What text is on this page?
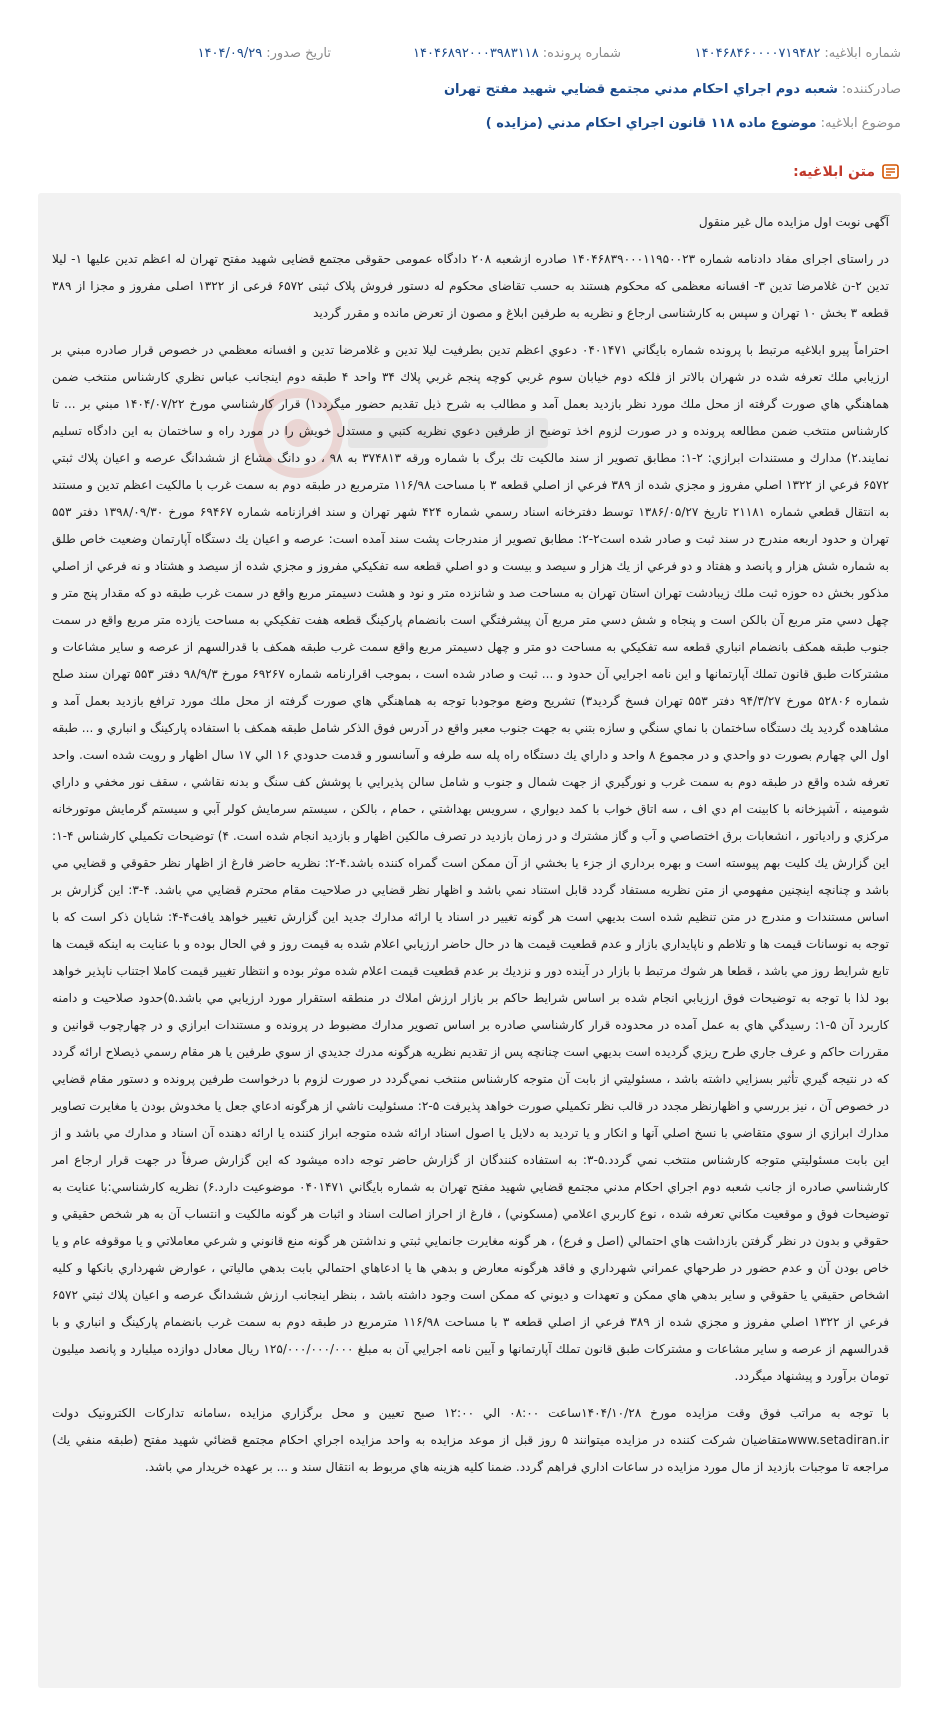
شماره ابلاغیه:
۱۴۰۴۶۸۴۶۰۰۰۰۷۱۹۴۸۲
شماره پرونده:
۱۴۰۴۶۸۹۲۰۰۰۳۹۸۳۱۱۸
تاریخ صدور:
۱۴۰۴/۰۹/۲۹
صادرکننده:
شعبه دوم اجراي احكام مدني مجتمع قضايي شهيد مفتح تهران
موضوع ابلاغیه:
موضوع ماده ۱۱۸ قانون اجراي احكام مدني (مزايده )
متن ابلاغیه:

آگهی نوبت اول مزایده مال غیر منقول

در راستای اجرای مفاد دادنامه شماره ۱۴۰۴۶۸۳۹۰۰۰۱۱۹۵۰۰۲۳ صادره ازشعبه ۲۰۸ دادگاه عمومی حقوقی مجتمع قضایی شهید مفتح تهران له اعظم تدین علیها ۱- لیلا تدین ۲-ن غلامرضا تدین ۳- افسانه معظمی که محکوم هستند به حسب تقاضای محکوم له دستور فروش پلاک ثبتی ۶۵۷۲ فرعی از ۱۳۲۲ اصلی مفروز و مجزا از ۳۸۹ قطعه ۳ بخش ۱۰ تهران و سپس به کارشناسی ارجاع و نظریه به طرفین ابلاغ و مصون از تعرض مانده و مقرر گردید

احتراماً پيرو ابلاغيه مرتبط با پرونده شماره بايگاني ۰۴۰۱۴۷۱ دعوي اعظم تدين بطرفيت ليلا تدين و غلامرضا تدين و افسانه معظمي در خصوص قرار صادره مبني بر ارزيابي ملك تعرفه شده در شهران بالاتر از فلكه دوم خيابان سوم غربي كوچه پنجم غربي پلاك ۳۴ واحد ۴ طبقه دوم اينجانب عباس نظري كارشناس منتخب ضمن هماهنگي هاي صورت گرفته از محل ملك مورد نظر بازديد بعمل آمد و مطالب به شرح ذيل تقديم حضور ميگردد۱) قرار كارشناسي مورخ ۱۴۰۴/۰۷/۲۲ مبني بر ... تا كارشناس منتخب ضمن مطالعه پرونده و در صورت لزوم اخذ توضيح از طرفين دعوي نظريه كتبي و مستدل خويش را در مورد راه و ساختمان به اين دادگاه تسليم نمايند.۲) مدارك و مستندات ابرازي: ۲-۱: مطابق تصوير از سند مالكيت تك برگ با شماره ورقه ۳۷۴۸۱۳ به ۹۸ ، دو دانگ مشاع از ششدانگ عرصه و اعيان پلاك ثبتي ۶۵۷۲ فرعي از ۱۳۲۲ اصلي مفروز و مجزي شده از ۳۸۹ فرعي از اصلي قطعه ۳ با مساحت ۱۱۶/۹۸ مترمربع در طبقه دوم به سمت غرب با مالكيت اعظم تدين و مستند به انتقال قطعي شماره ۲۱۱۸۱ تاريخ ۱۳۸۶/۰۵/۲۷ توسط دفترخانه اسناد رسمي شماره ۴۲۴ شهر تهران و سند افرازنامه شماره ۶۹۴۶۷ مورخ ۱۳۹۸/۰۹/۳۰ دفتر ۵۵۳ تهران و حدود اربعه مندرج در سند ثبت و صادر شده است۲-۲: مطابق تصوير از مندرجات پشت سند آمده است: عرصه و اعيان يك دستگاه آپارتمان وضعيت خاص طلق به شماره شش هزار و پانصد و هفتاد و دو فرعي از يك هزار و سيصد و بيست و دو اصلي قطعه سه تفكيكي مفروز و مجزي شده از سيصد و هشتاد و نه فرعي از اصلي مذكور بخش ده حوزه ثبت ملك زيبادشت تهران استان تهران به مساحت صد و شانزده متر و نود و هشت دسيمتر مربع واقع در سمت غرب طبقه دو كه مقدار پنج متر و چهل دسي متر مربع آن بالكن است و پنجاه و شش دسي متر مربع آن پيشرفتگي است بانضمام پاركينگ قطعه هفت تفكيكي به مساحت يازده متر مربع واقع در سمت جنوب طبقه همكف بانضمام انباري قطعه سه تفكيكي به مساحت دو متر و چهل دسيمتر مربع واقع سمت غرب طبقه همكف با قدرالسهم از عرصه و ساير مشاعات و مشتركات طبق قانون تملك آپارتمانها و اين نامه اجرايي آن حدود و ... ثبت و صادر شده است ، بموجب اقرارنامه شماره ۶۹۲۶۷ مورخ ۹۸/۹/۳ دفتر ۵۵۳ تهران سند صلح شماره ۵۲۸۰۶ مورخ ۹۴/۳/۲۷ دفتر ۵۵۳ تهران فسخ گرديد۳) تشريح وضع موجودبا توجه به هماهنگي هاي صورت گرفته از محل ملك مورد ترافع بازديد بعمل آمد و مشاهده گرديد يك دستگاه ساختمان با نماي سنگي و سازه بتني به جهت جنوب معبر واقع در آدرس فوق الذكر شامل طبقه همكف با استفاده پاركينگ و انباري و ... طبقه اول الي چهارم بصورت دو واحدي و در مجموع ۸ واحد و داراي يك دستگاه راه پله سه طرفه و آسانسور و قدمت حدودي ۱۶ الي ۱۷ سال اظهار و رويت شده است. واحد تعرفه شده واقع در طبقه دوم به سمت غرب و نورگيري از جهت شمال و جنوب و شامل سالن پذيرايي با پوشش كف سنگ و بدنه نقاشي ، سقف نور مخفي و داراي شومينه ، آشپزخانه با كابينت ام دي اف ، سه اتاق خواب با كمد ديواري ، سرويس بهداشتي ، حمام ، بالكن ، سيستم سرمايش كولر آبي و سيستم گرمايش موتورخانه مركزي و رادياتور ، انشعابات برق اختصاصي و آب و گاز مشترك و در زمان بازديد در تصرف مالكين اظهار و بازديد انجام شده است. ۴) توضيحات تكميلي كارشناس ۴-۱: اين گزارش يك كليت بهم پيوسته است و بهره برداري از جزء يا بخشي از آن ممكن است گمراه كننده باشد.۴-۲: نظريه حاضر فارغ از اظهار نظر حقوقي و قضايي مي باشد و چنانچه اينچنين مفهومي از متن نظريه مستفاد گردد قابل استناد نمي باشد و اظهار نظر قضايي در صلاحيت مقام محترم قضايي مي باشد. ۴-۳: اين گزارش بر اساس مستندات و مندرج در متن تنظيم شده است بديهي است هر گونه تغيير در اسناد يا ارائه مدارك جديد اين گزارش تغيير خواهد يافت۴-۴: شايان ذكر است كه با توجه به نوسانات قيمت ها و تلاطم و ناپايداري بازار و عدم قطعيت قيمت ها در حال حاضر ارزيابي اعلام شده به قيمت روز و في الحال بوده و با عنايت به اينكه قيمت ها تابع شرايط روز مي باشد ، قطعا هر شوك مرتبط با بازار در آينده دور و نزديك بر عدم قطعيت قيمت اعلام شده موثر بوده و انتظار تغيير قيمت كاملا اجتناب ناپذير خواهد بود لذا با توجه به توضيحات فوق ارزيابي انجام شده بر اساس شرايط حاكم بر بازار ارزش املاك در منطقه استقرار مورد ارزيابي مي باشد.۵)حدود صلاحيت و دامنه كاربرد آن ۵-۱: رسيدگي هاي به عمل آمده در محدوده قرار كارشناسي صادره بر اساس تصوير مدارك مضبوط در پرونده و مستندات ابرازي و در چهارچوب قوانين و مقررات حاكم و عرف جاري طرح ريزي گرديده است بديهي است چنانچه پس از تقديم نظريه هرگونه مدرك جديدي از سوي طرفين يا هر مقام رسمي ذيصلاح ارائه گردد كه در نتيجه گيري تأثير بسزايي داشته باشد ، مسئوليتي از بابت آن متوجه كارشناس منتخب نمي‌گردد در صورت لزوم با درخواست طرفين پرونده و دستور مقام قضايي در خصوص آن ، نيز بررسي و اظهارنظر مجدد در قالب نظر تكميلي صورت خواهد پذيرفت ۵-۲: مسئوليت ناشي از هرگونه ادعاي جعل يا مخدوش بودن يا مغايرت تصاوير مدارك ابرازي از سوي متقاضي با نسخ اصلي آنها و انكار و يا ترديد به دلايل يا اصول اسناد ارائه شده متوجه ابراز كننده يا ارائه دهنده آن اسناد و مدارك مي باشد و از اين بابت مسئوليتي متوجه كارشناس منتخب نمي گردد.۵-۳: به استفاده كنندگان از گزارش حاضر توجه داده ميشود كه اين گزارش صرفاً در جهت قرار ارجاع امر كارشناسي صادره از جانب شعبه دوم اجراي احكام مدني مجتمع قضايي شهيد مفتح تهران به شماره بايگاني ۰۴۰۱۴۷۱ موضوعيت دارد.۶) نظريه كارشناسي:با عنايت به توضيحات فوق و موقعيت مكاني تعرفه شده ، نوع كاربري اعلامي (مسكوني) ، فارغ از احراز اصالت اسناد و اثبات هر گونه مالكيت و انتساب آن به هر شخص حقيقي و حقوقي و بدون در نظر گرفتن بازداشت هاي احتمالي (اصل و فرع) ، هر گونه مغايرت جانمايي ثبتي و نداشتن هر گونه منع قانوني و شرعي معاملاتي و يا موقوفه عام و يا خاص بودن آن و عدم حضور در طرحهاي عمراني شهرداري و فاقد هرگونه معارض و بدهي ها يا ادعاهاي احتمالي بابت بدهي مالياتي ، عوارض شهرداري بانكها و كليه اشخاص حقيقي يا حقوقي و ساير بدهي هاي ممكن و تعهدات و ديوني كه ممكن است وجود داشته باشد ، بنظر اينجانب ارزش ششدانگ عرصه و اعيان پلاك ثبتي ۶۵۷۲ فرعي از ۱۳۲۲ اصلي مفروز و مجزي شده از ۳۸۹ فرعي از اصلي قطعه ۳ با مساحت ۱۱۶/۹۸ مترمربع در طبقه دوم به سمت غرب بانضمام پاركينگ و انباري و با قدرالسهم از عرصه و ساير مشاعات و مشتركات طبق قانون تملك آپارتمانها و آيين نامه اجرايي آن به مبلغ ۱۲۵/۰۰۰/۰۰۰/۰۰۰ ريال معادل دوازده ميليارد و پانصد ميليون تومان برآورد و پيشنهاد ميگردد.

با توجه به مراتب فوق وقت مزايده مورخ ۱۴۰۴/۱۰/۲۸ساعت ۰۸:۰۰ الي ۱۲:۰۰ صبح تعيين و محل برگزاري مزايده ،سامانه تدارکات الکترونيک دولت www.setadiran.irمتقاضيان شركت كننده در مزايده ميتوانند ۵ روز قبل از موعد مزايده به واحد مزايده اجراي احكام مجتمع قضائي شهيد مفتح (طبقه منفي يك) مراجعه تا موجبات بازديد از مال مورد مزايده در ساعات اداري فراهم گردد. ضمنا كليه هزينه هاي مربوط به انتقال سند و ... بر عهده خريدار مي باشد.
